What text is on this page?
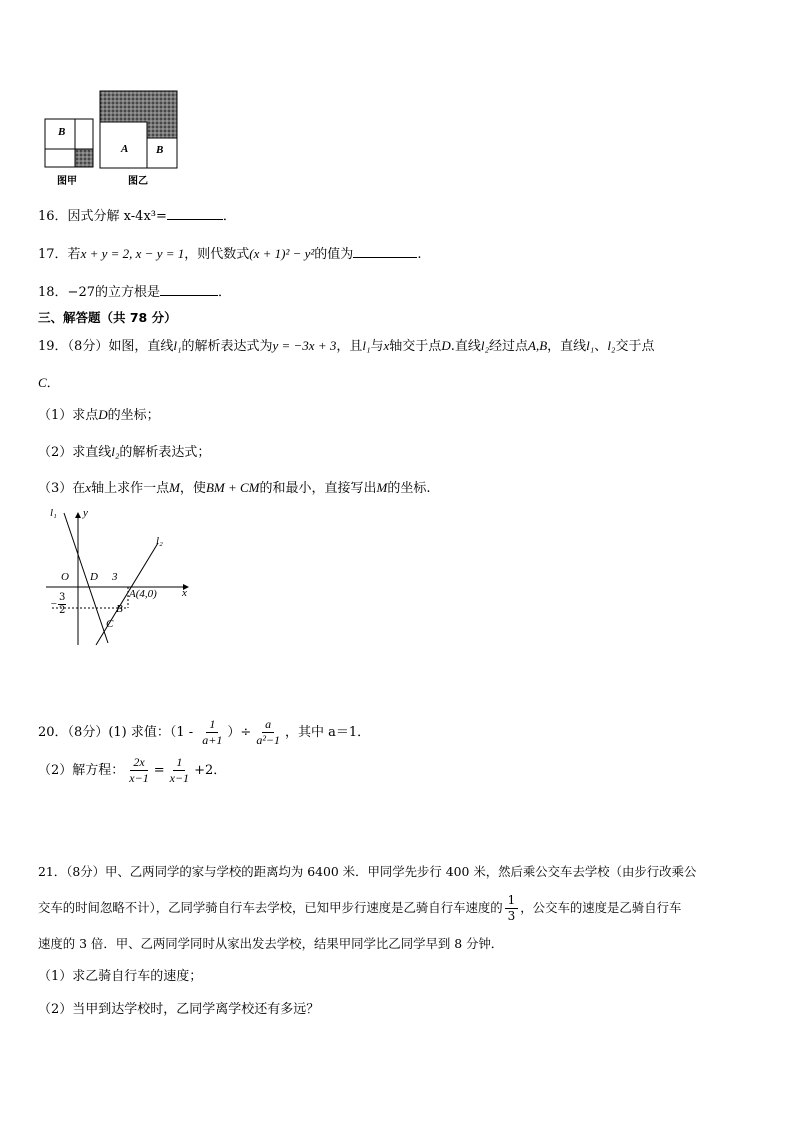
B
A	B
图甲	图乙
16．因式分解 x-4x³=	．
17．若x + y = 2, x − y = 1，则代数式(x + 1)² − y²的值为	.
18．−27的立方根是	．
三、解答题（共 78 分）
19．（8分）如图，直线l₁的解析表达式为y = −3x + 3，且l₁与x轴交于点D.直线l₂经过点A,B，直线l₁、l₂交于点
C．
（1）求点D的坐标；
（2）求直线l₂的解析表达式；
（3）在x轴上求作一点M，使BM + CM的和最小，直接写出M的坐标.
l₁ y
l₂
x
O D 3
A(4,0)
B
C
− $\frac{3}{2}$
20．（8分）(1) 求值：（$1 - \frac{1}{a+1}$ ）÷ $\frac{a}{\text{a²−1}}$ ，其中 a＝1．
（2）解方程： $\frac{2x}{x-1} = \frac{1}{x-1} +2$．
21．（8分）甲、乙两同学的家与学校的距离均为 6400 米．甲同学先步行 400 米，然后乘公交车去学校（由步行改乘公
交车的时间忽略不计），乙同学骑自行车去学校，已知甲步行速度是乙骑自行车速度的 $\frac{1}{3}$ ，公交车的速度是乙骑自行车
速度的 3 倍．甲、乙两同学同时从家出发去学校，结果甲同学比乙同学早到 8 分钟．
（1）求乙骑自行车的速度；
（2）当甲到达学校时，乙同学离学校还有多远？
